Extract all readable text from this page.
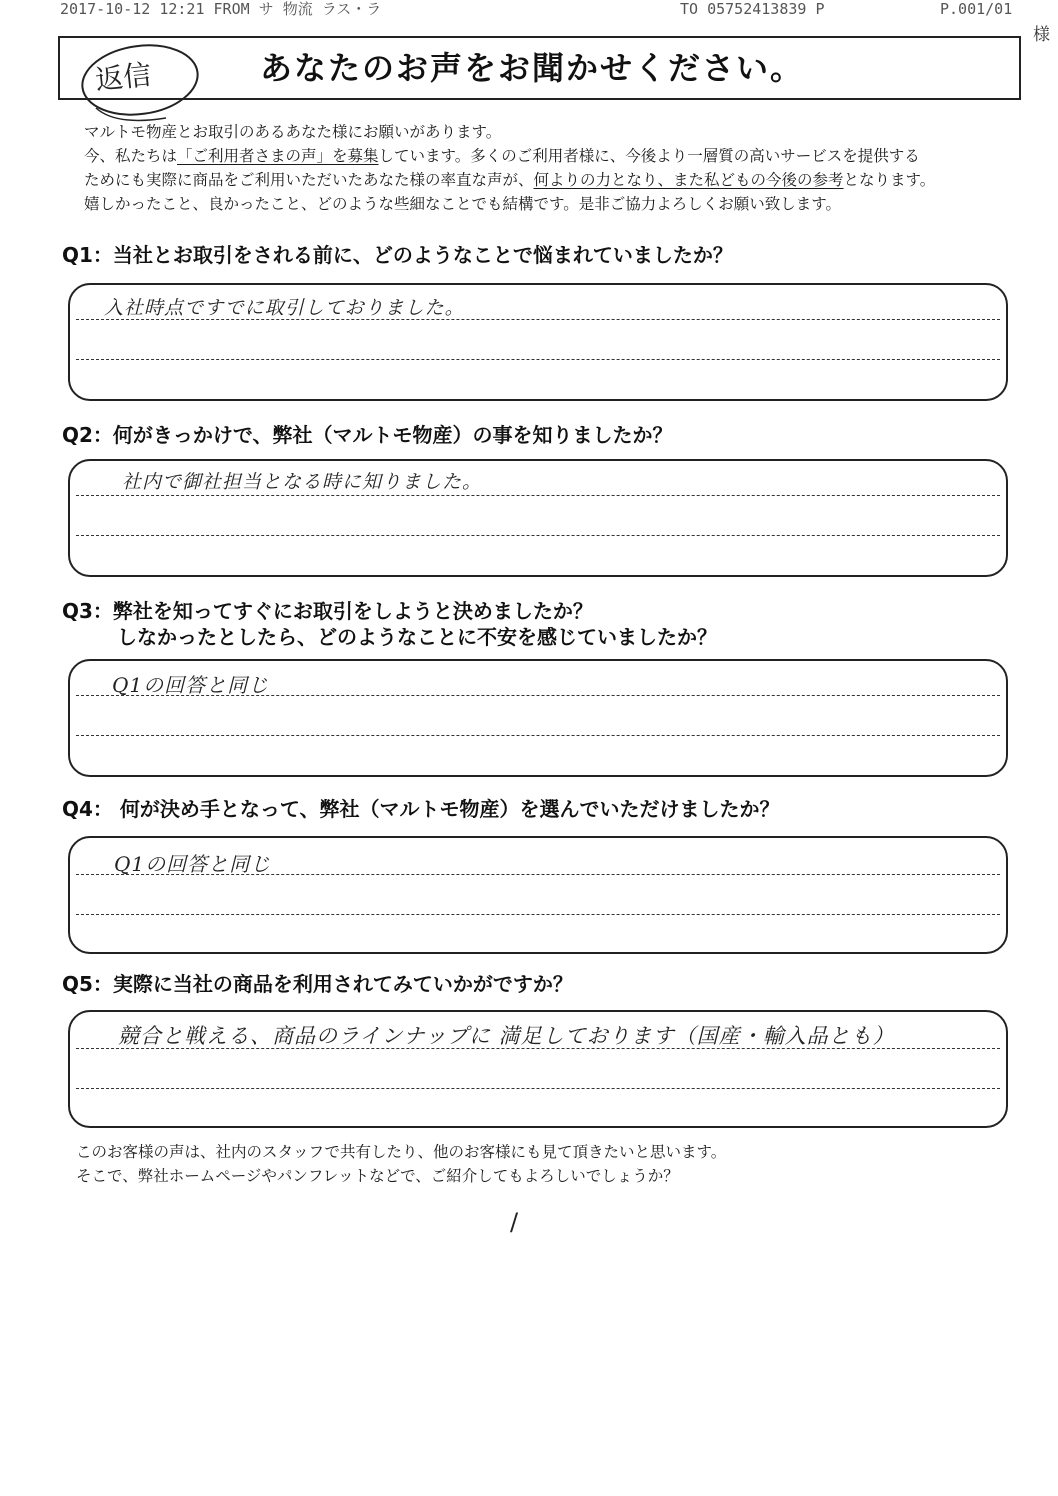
2017-10-12 12:21 FROM サ 物流 ラス・ラ	TO 05752413839 P	P.001/01
様
あなたのお声をお聞かせください。
返信

マルトモ物産とお取引のあるあなた様にお願いがあります。

今、私たちは「ご利用者さまの声」を募集しています。多くのご利用者様に、今後より一層質の高いサービスを提供する

ためにも実際に商品をご利用いただいたあなた様の率直な声が、何よりの力となり、また私どもの今後の参考となります。

嬉しかったこと、良かったこと、どのような些細なことでも結構です。是非ご協力よろしくお願い致します。

Q1：当社とお取引をされる前に、どのようなことで悩まれていましたか？
入社時点ですでに取引しておりました。
Q2：何がきっかけで、弊社（マルトモ物産）の事を知りましたか？
社内で御社担当となる時に知りました。
Q3：弊社を知ってすぐにお取引をしようと決めましたか？
しなかったとしたら、どのようなことに不安を感じていましたか？
Q1の回答と同じ
Q4： 何が決め手となって、弊社（マルトモ物産）を選んでいただけましたか？
Q1の回答と同じ
Q5：実際に当社の商品を利用されてみていかがですか？
競合と戦える、商品のラインナップに 満足しております（国産・輸入品とも）

このお客様の声は、社内のスタッフで共有したり、他のお客様にも見て頂きたいと思います。

そこで、弊社ホームページやパンフレットなどで、ご紹介してもよろしいでしょうか？

/
